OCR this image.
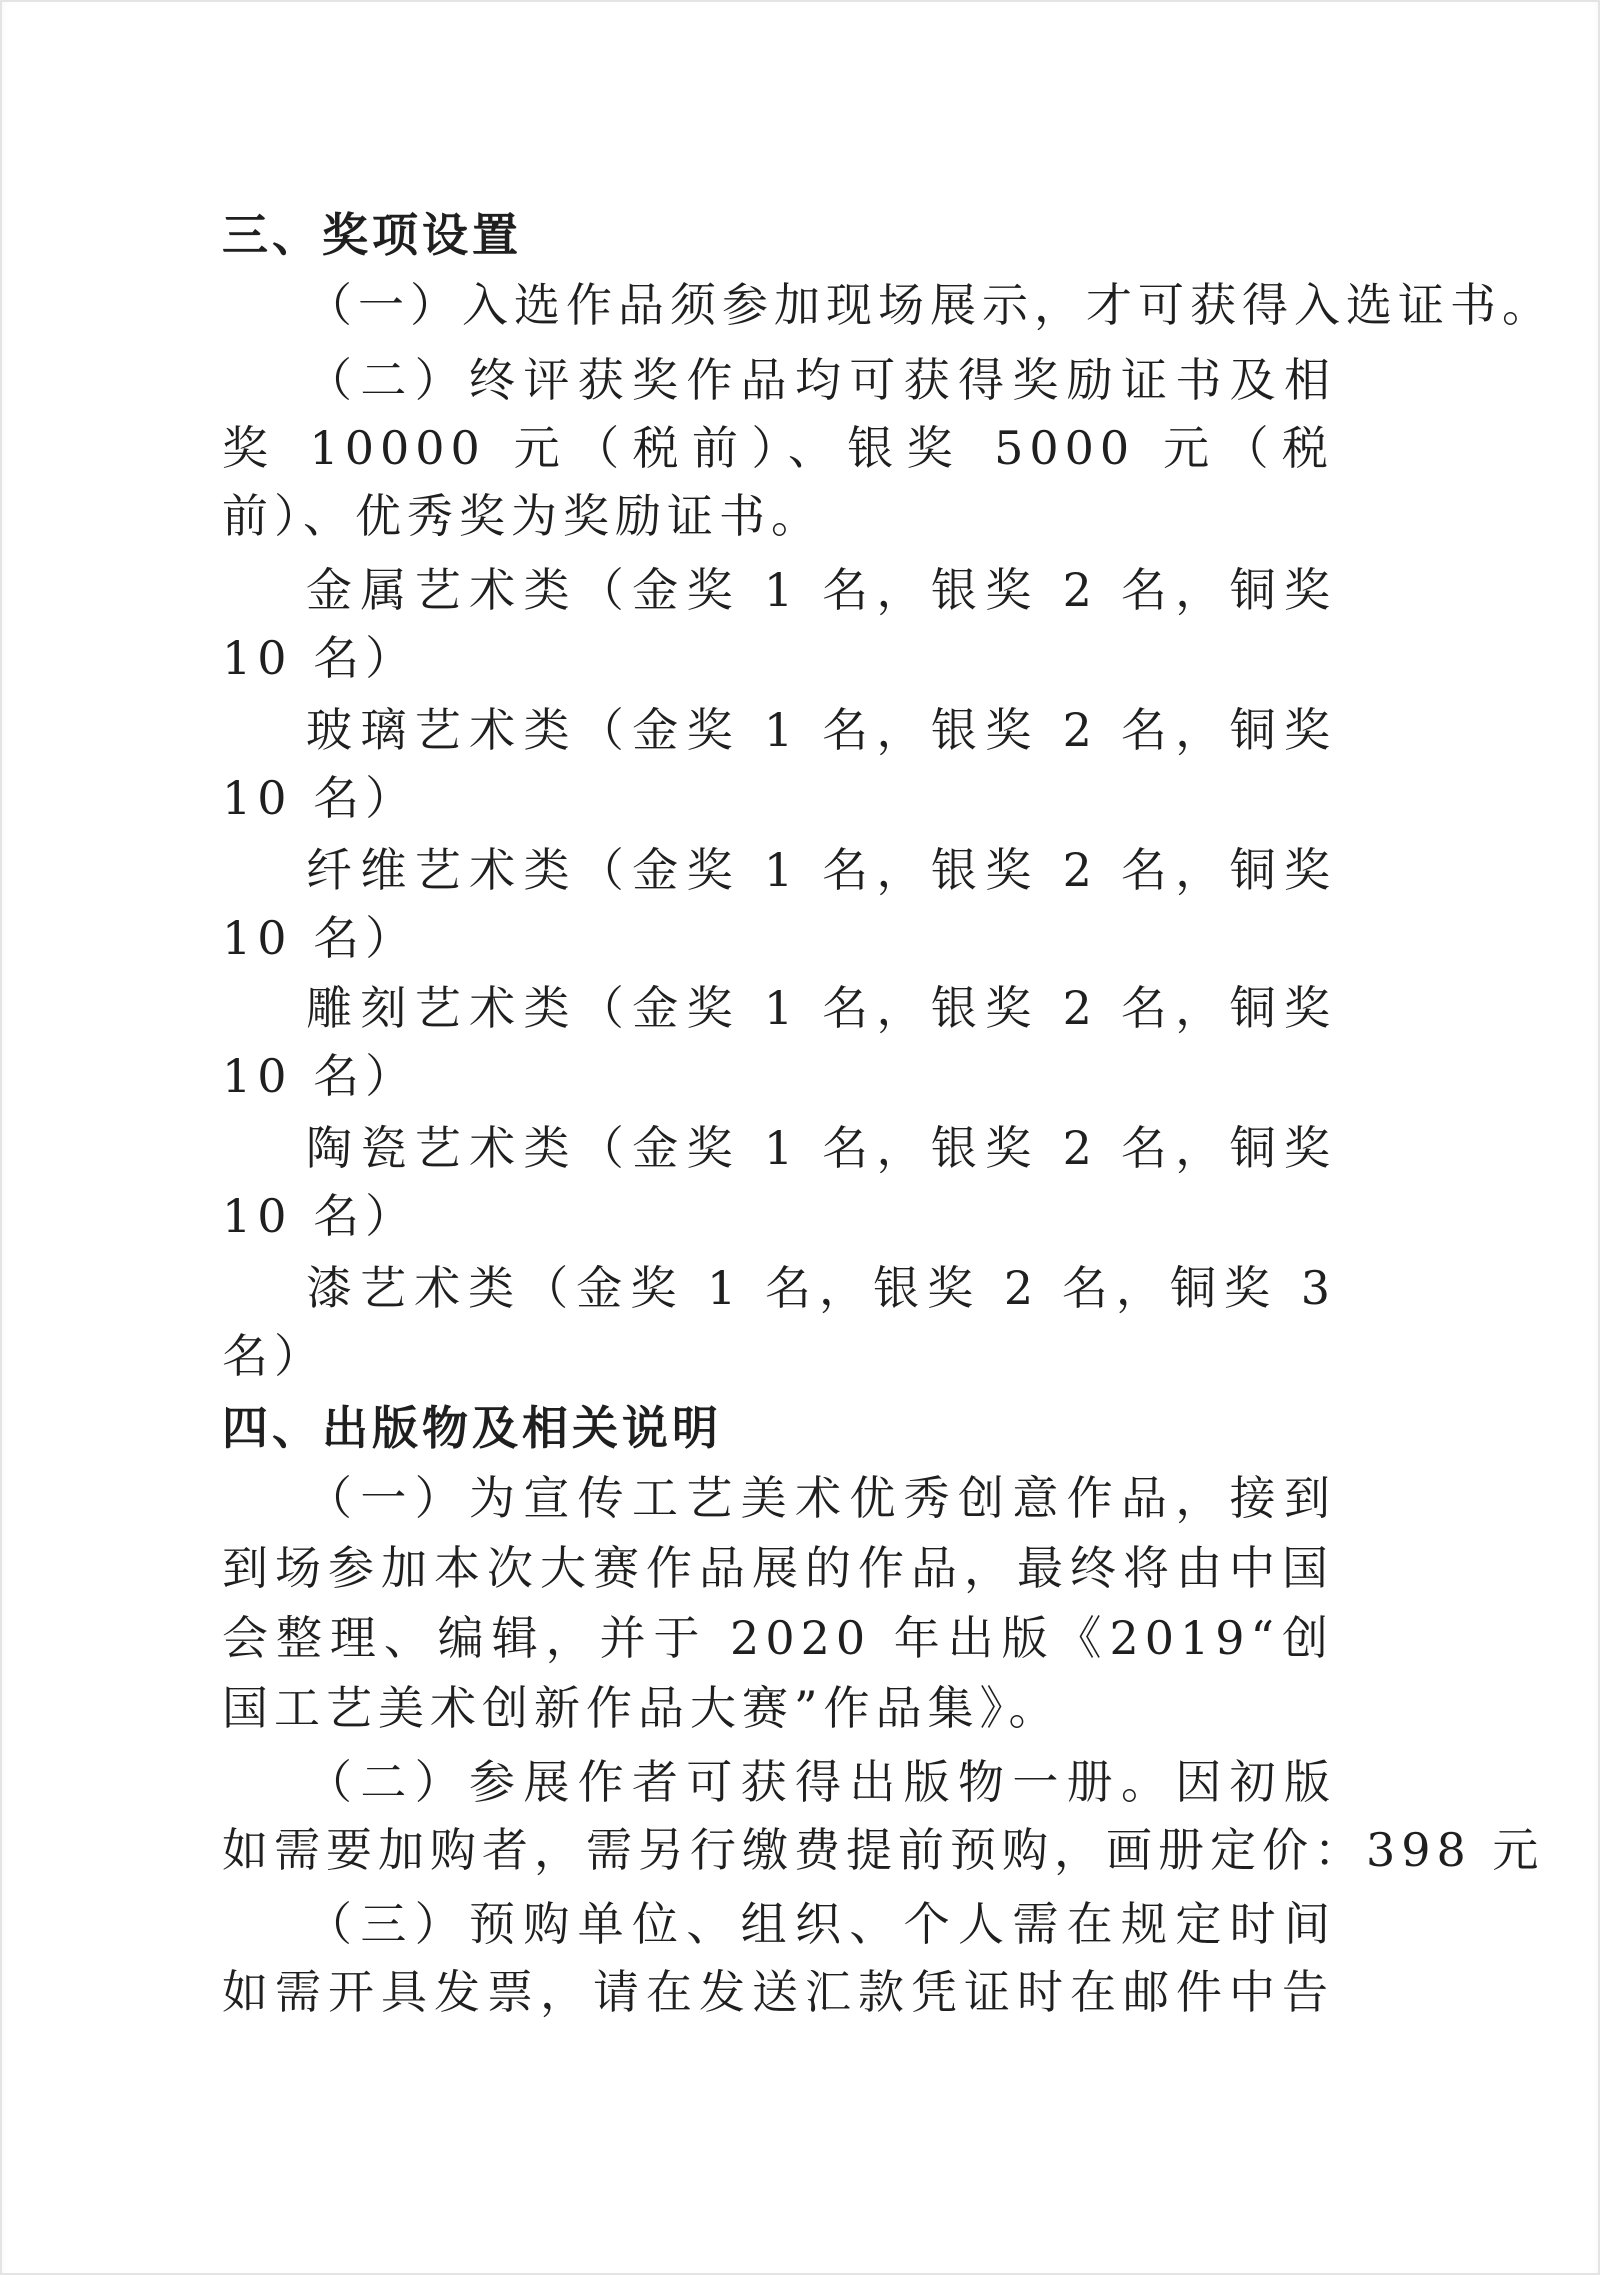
三、奖项设置
（一）入选作品须参加现场展示，才可获得入选证书。
（二）终评获奖作品均可获得奖励证书及相
奖 10000 元（税前）、银奖 5000 元（税
前）、优秀奖为奖励证书。
金属艺术类（金奖 1 名，银奖 2 名，铜奖
10 名）
玻璃艺术类（金奖 1 名，银奖 2 名，铜奖
10 名）
纤维艺术类（金奖 1 名，银奖 2 名，铜奖
10 名）
雕刻艺术类（金奖 1 名，银奖 2 名，铜奖
10 名）
陶瓷艺术类（金奖 1 名，银奖 2 名，铜奖
10 名）
漆艺术类（金奖 1 名，银奖 2 名，铜奖 3
名）
四、出版物及相关说明
（一）为宣传工艺美术优秀创意作品，接到
到场参加本次大赛作品展的作品，最终将由中国
会整理、编辑，并于 2020 年出版《2019“创
国工艺美术创新作品大赛”作品集》。
（二）参展作者可获得出版物一册。因初版
如需要加购者，需另行缴费提前预购，画册定价：398 元
（三）预购单位、组织、个人需在规定时间
如需开具发票，请在发送汇款凭证时在邮件中告
